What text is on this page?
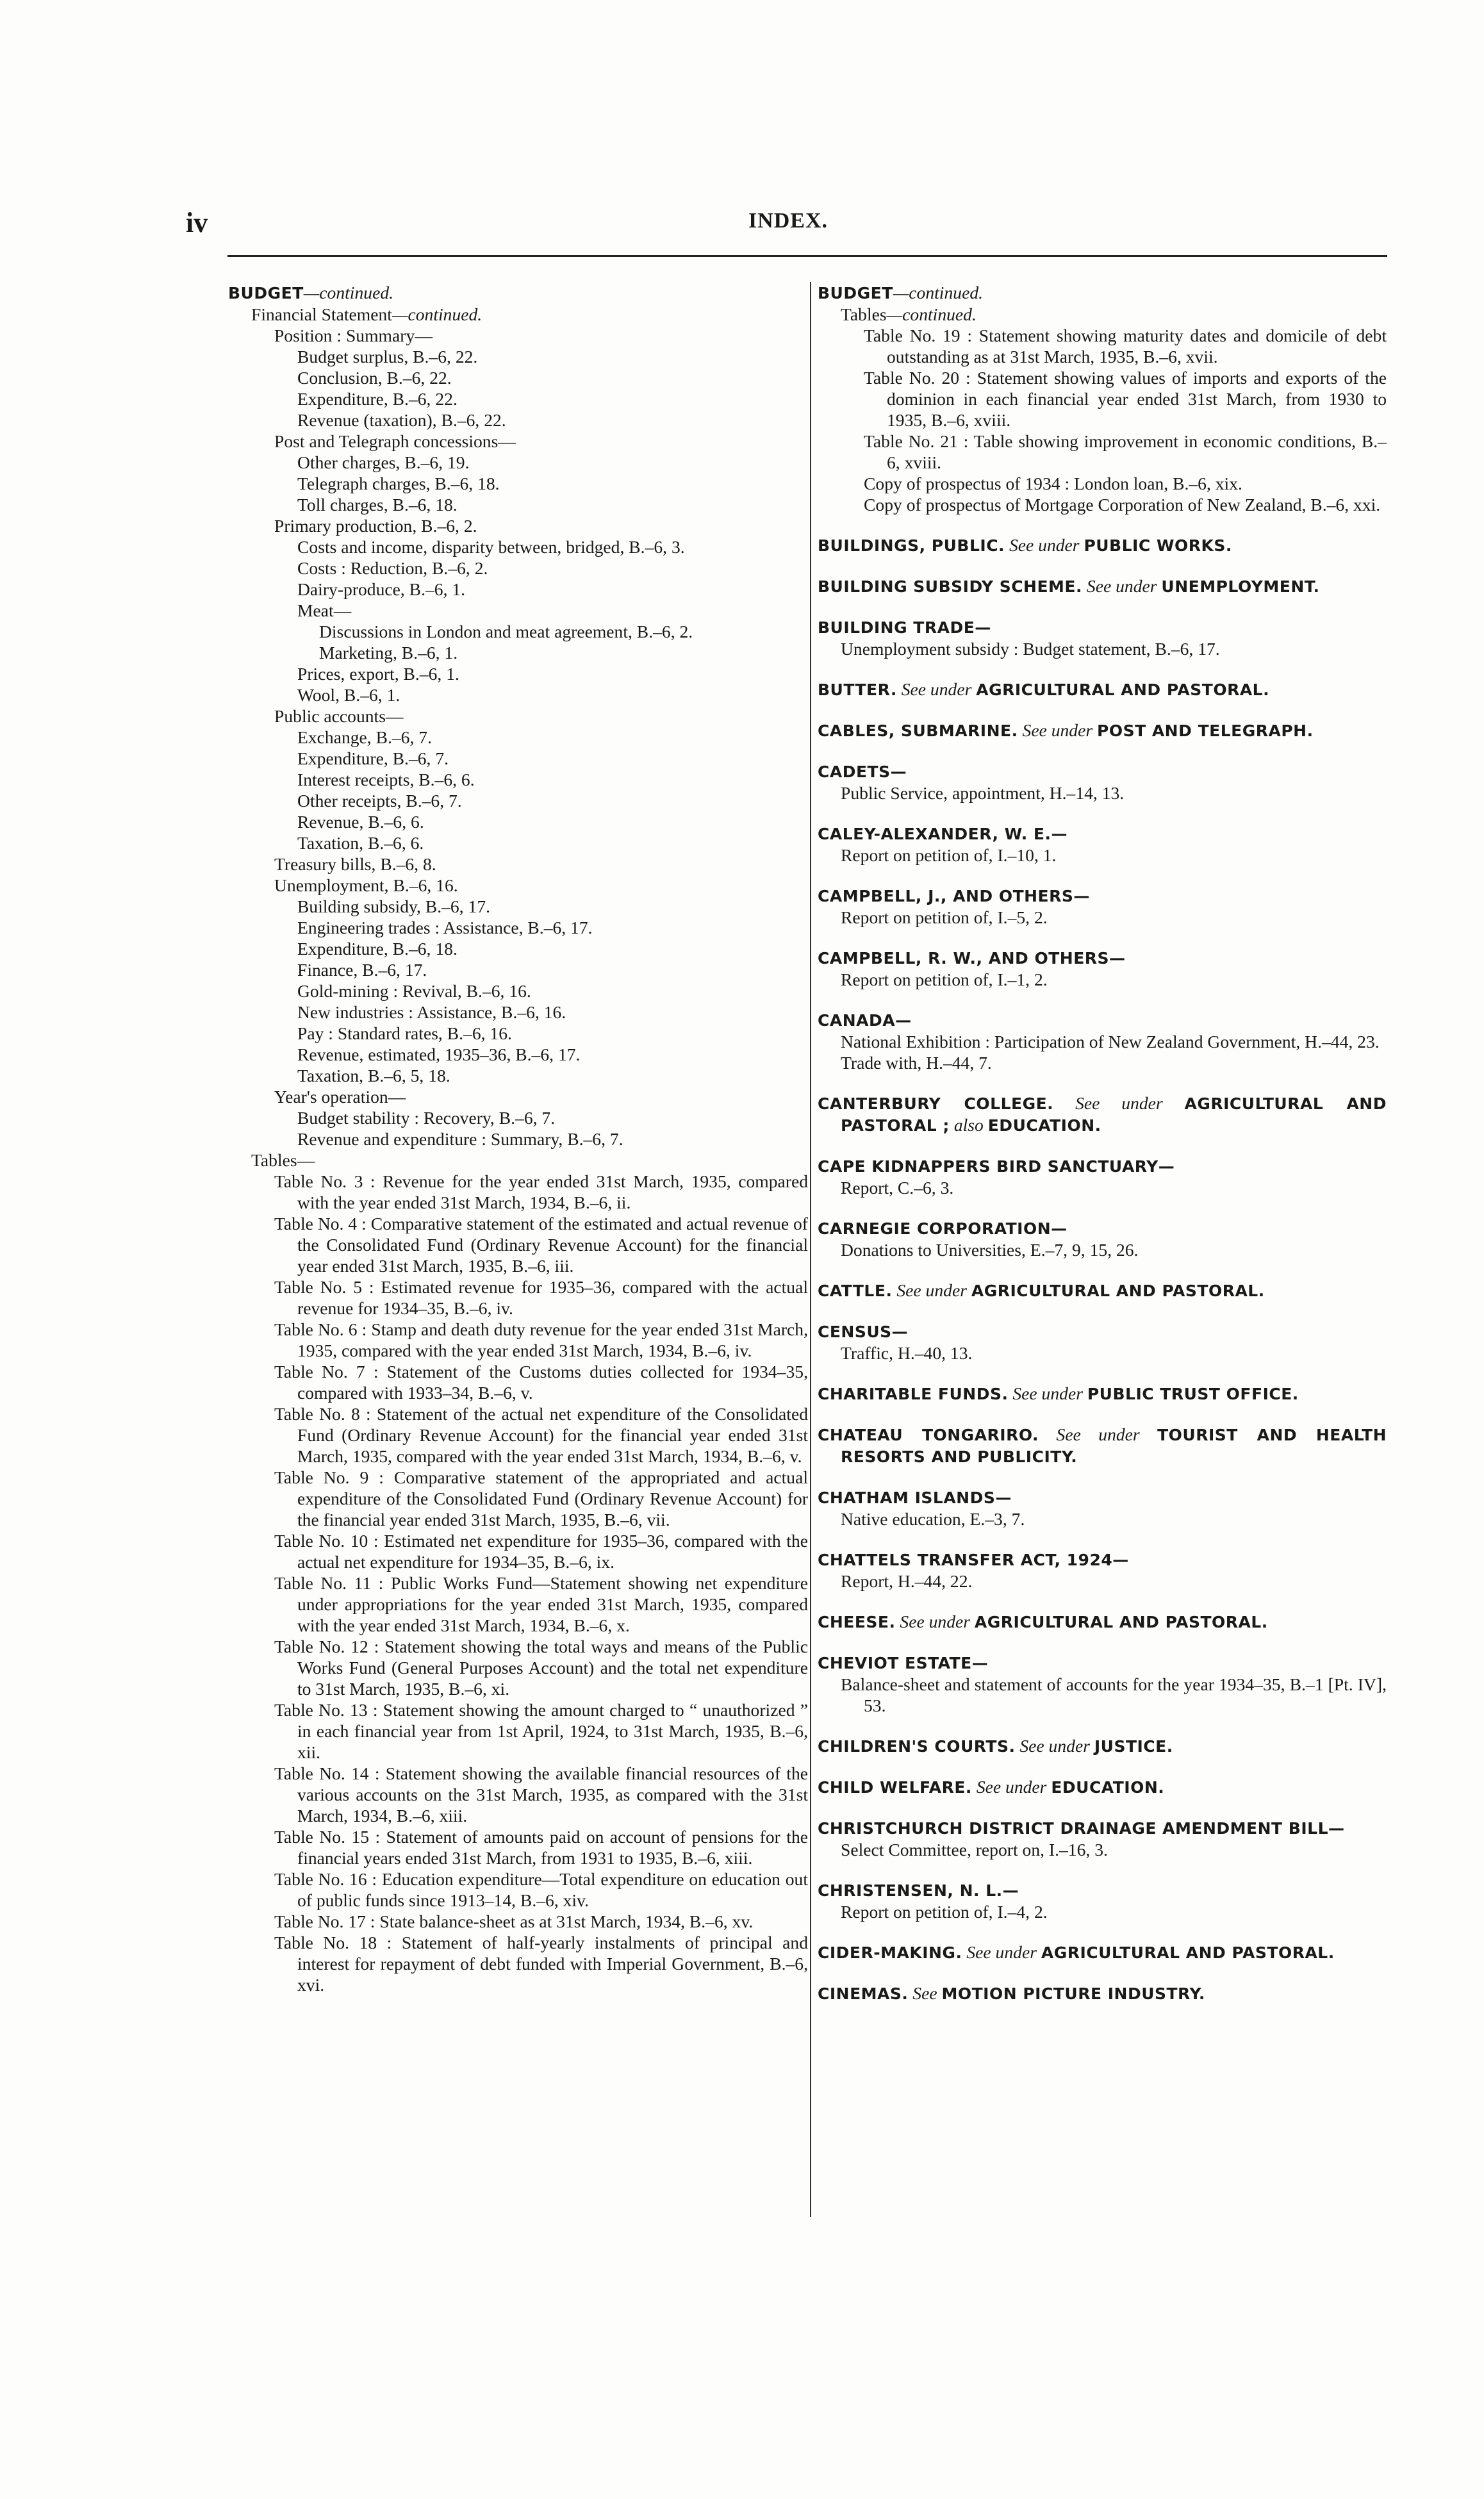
iv	INDEX.
BUDGET—continued.
Financial Statement—continued.
Position : Summary—
Budget surplus, B.–6, 22.
Conclusion, B.–6, 22.
Expenditure, B.–6, 22.
Revenue (taxation), B.–6, 22.
Post and Telegraph concessions—
Other charges, B.–6, 19.
Telegraph charges, B.–6, 18.
Toll charges, B.–6, 18.
Primary production, B.–6, 2.
Costs and income, disparity between, bridged, B.–6, 3.
Costs : Reduction, B.–6, 2.
Dairy-produce, B.–6, 1.
Meat—
Discussions in London and meat agreement, B.–6, 2.
Marketing, B.–6, 1.
Prices, export, B.–6, 1.
Wool, B.–6, 1.
Public accounts—
Exchange, B.–6, 7.
Expenditure, B.–6, 7.
Interest receipts, B.–6, 6.
Other receipts, B.–6, 7.
Revenue, B.–6, 6.
Taxation, B.–6, 6.
Treasury bills, B.–6, 8.
Unemployment, B.–6, 16.
Building subsidy, B.–6, 17.
Engineering trades : Assistance, B.–6, 17.
Expenditure, B.–6, 18.
Finance, B.–6, 17.
Gold-mining : Revival, B.–6, 16.
New industries : Assistance, B.–6, 16.
Pay : Standard rates, B.–6, 16.
Revenue, estimated, 1935–36, B.–6, 17.
Taxation, B.–6, 5, 18.
Year's operation—
Budget stability : Recovery, B.–6, 7.
Revenue and expenditure : Summary, B.–6, 7.
Tables—
Table No. 3 : Revenue for the year ended 31st March, 1935, compared with the year ended 31st March, 1934, B.–6, ii.
Table No. 4 : Comparative statement of the estimated and actual revenue of the Consolidated Fund (Ordinary Revenue Account) for the financial year ended 31st March, 1935, B.–6, iii.
Table No. 5 : Estimated revenue for 1935–36, compared with the actual revenue for 1934–35, B.–6, iv.
Table No. 6 : Stamp and death duty revenue for the year ended 31st March, 1935, compared with the year ended 31st March, 1934, B.–6, iv.
Table No. 7 : Statement of the Customs duties collected for 1934–35, compared with 1933–34, B.–6, v.
Table No. 8 : Statement of the actual net expenditure of the Consolidated Fund (Ordinary Revenue Account) for the financial year ended 31st March, 1935, compared with the year ended 31st March, 1934, B.–6, v.
Table No. 9 : Comparative statement of the appropriated and actual expenditure of the Consolidated Fund (Ordinary Revenue Account) for the financial year ended 31st March, 1935, B.–6, vii.
Table No. 10 : Estimated net expenditure for 1935–36, compared with the actual net expenditure for 1934–35, B.–6, ix.
Table No. 11 : Public Works Fund—Statement showing net expenditure under appropriations for the year ended 31st March, 1935, compared with the year ended 31st March, 1934, B.–6, x.
Table No. 12 : Statement showing the total ways and means of the Public Works Fund (General Purposes Account) and the total net expenditure to 31st March, 1935, B.–6, xi.
Table No. 13 : Statement showing the amount charged to “ unauthorized ” in each financial year from 1st April, 1924, to 31st March, 1935, B.–6, xii.
Table No. 14 : Statement showing the available financial resources of the various accounts on the 31st March, 1935, as compared with the 31st March, 1934, B.–6, xiii.
Table No. 15 : Statement of amounts paid on account of pensions for the financial years ended 31st March, from 1931 to 1935, B.–6, xiii.
Table No. 16 : Education expenditure—Total expenditure on education out of public funds since 1913–14, B.–6, xiv.
Table No. 17 : State balance-sheet as at 31st March, 1934, B.–6, xv.
Table No. 18 : Statement of half-yearly instalments of principal and interest for repayment of debt funded with Imperial Government, B.–6, xvi.
BUDGET—continued.
Tables—continued.
Table No. 19 : Statement showing maturity dates and domicile of debt outstanding as at 31st March, 1935, B.–6, xvii.
Table No. 20 : Statement showing values of imports and exports of the dominion in each financial year ended 31st March, from 1930 to 1935, B.–6, xviii.
Table No. 21 : Table showing improvement in economic conditions, B.–6, xviii.
Copy of prospectus of 1934 : London loan, B.–6, xix.
Copy of prospectus of Mortgage Corporation of New Zealand, B.–6, xxi.
BUILDINGS, PUBLIC. See under PUBLIC WORKS.
BUILDING SUBSIDY SCHEME. See under UNEMPLOYMENT.
BUILDING TRADE—
Unemployment subsidy : Budget statement, B.–6, 17.
BUTTER. See under AGRICULTURAL AND PASTORAL.
CABLES, SUBMARINE. See under POST AND TELEGRAPH.
CADETS—
Public Service, appointment, H.–14, 13.
CALEY-ALEXANDER, W. E.—
Report on petition of, I.–10, 1.
CAMPBELL, J., AND OTHERS—
Report on petition of, I.–5, 2.
CAMPBELL, R. W., AND OTHERS—
Report on petition of, I.–1, 2.
CANADA—
National Exhibition : Participation of New Zealand Government, H.–44, 23.
Trade with, H.–44, 7.
CANTERBURY COLLEGE. See under AGRICULTURAL AND PASTORAL ; also EDUCATION.
CAPE KIDNAPPERS BIRD SANCTUARY—
Report, C.–6, 3.
CARNEGIE CORPORATION—
Donations to Universities, E.–7, 9, 15, 26.
CATTLE. See under AGRICULTURAL AND PASTORAL.
CENSUS—
Traffic, H.–40, 13.
CHARITABLE FUNDS. See under PUBLIC TRUST OFFICE.
CHATEAU TONGARIRO. See under TOURIST AND HEALTH RESORTS AND PUBLICITY.
CHATHAM ISLANDS—
Native education, E.–3, 7.
CHATTELS TRANSFER ACT, 1924—
Report, H.–44, 22.
CHEESE. See under AGRICULTURAL AND PASTORAL.
CHEVIOT ESTATE—
Balance-sheet and statement of accounts for the year 1934–35, B.–1 [Pt. IV], 53.
CHILDREN'S COURTS. See under JUSTICE.
CHILD WELFARE. See under EDUCATION.
CHRISTCHURCH DISTRICT DRAINAGE AMENDMENT BILL—
Select Committee, report on, I.–16, 3.
CHRISTENSEN, N. L.—
Report on petition of, I.–4, 2.
CIDER-MAKING. See under AGRICULTURAL AND PASTORAL.
CINEMAS. See MOTION PICTURE INDUSTRY.
